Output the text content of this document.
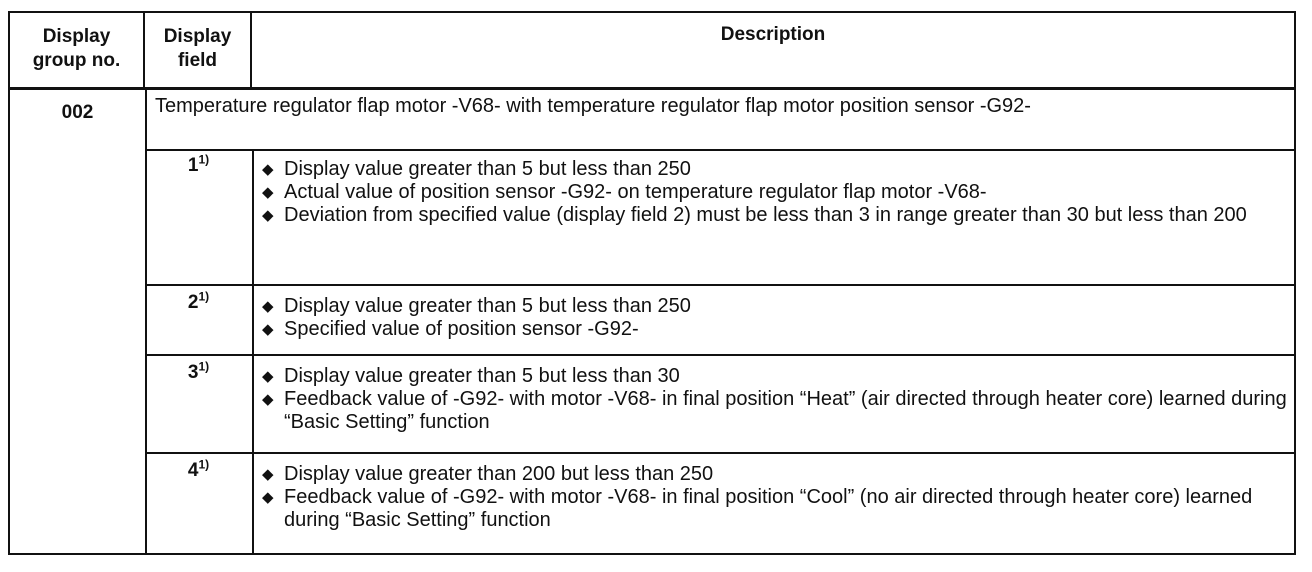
Display
group no.
Display
field
Description
002	Temperature regulator flap motor -V68- with temperature regulator flap motor position sensor -G92-
1$^{1)}$
◆ Display value greater than 5 but less than 250
◆ Actual value of position sensor -G92- on temperature regulator flap motor -V68-
◆ Deviation from specified value (display field 2) must be less than 3 in range greater than 30 but less than 200
2$^{1)}$
◆ Display value greater than 5 but less than 250
◆ Specified value of position sensor -G92-
3$^{1)}$
◆ Display value greater than 5 but less than 30
◆ Feedback value of -G92- with motor -V68- in final position “Heat” (air directed through heater core) learned during “Basic Setting” function
4$^{1)}$
◆ Display value greater than 200 but less than 250
◆ Feedback value of -G92- with motor -V68- in final position “Cool” (no air directed through heater core) learned during “Basic Setting” function
